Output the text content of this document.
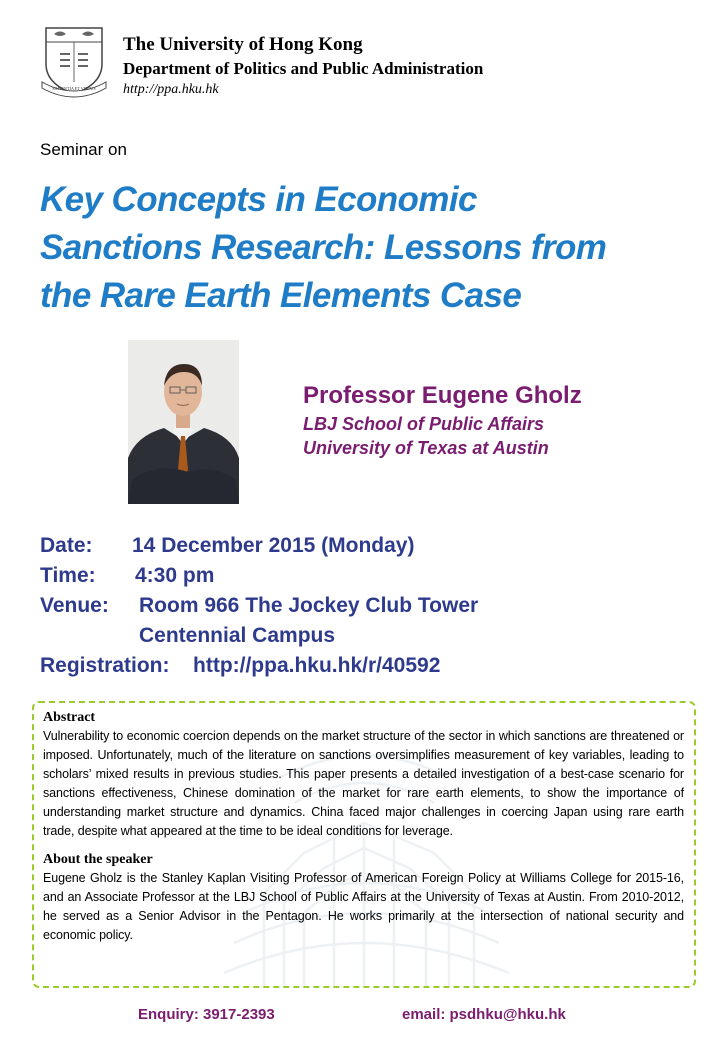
SAPIENTIA ET VIRTUS
The University of Hong Kong
Department of Politics and Public Administration
http://ppa.hku.hk
Seminar on
Key Concepts in Economic
Sanctions Research: Lessons from
the Rare Earth Elements Case
Professor Eugene Gholz
LBJ School of Public Affairs
University of Texas at Austin
Date: 14 December 2015 (Monday)
Time: 4:30 pm
Venue: Room 966 The Jockey Club Tower
Centennial Campus
Registration: http://ppa.hku.hk/r/40592
Abstract
Vulnerability to economic coercion depends on the market structure of the sector in which sanctions are threatened or imposed. Unfortunately, much of the literature on sanctions oversimplifies measurement of key variables, leading to scholars’ mixed results in previous studies. This paper presents a detailed investigation of a best-case scenario for sanctions effectiveness, Chinese domination of the market for rare earth elements, to show the importance of understanding market structure and dynamics. China faced major challenges in coercing Japan using rare earth trade, despite what appeared at the time to be ideal conditions for leverage.
About the speaker
Eugene Gholz is the Stanley Kaplan Visiting Professor of American Foreign Policy at Williams College for 2015-16, and an Associate Professor at the LBJ School of Public Affairs at the University of Texas at Austin. From 2010-2012, he served as a Senior Advisor in the Pentagon. He works primarily at the intersection of national security and economic policy.
Enquiry: 3917-2393	email: psdhku@hku.hk
